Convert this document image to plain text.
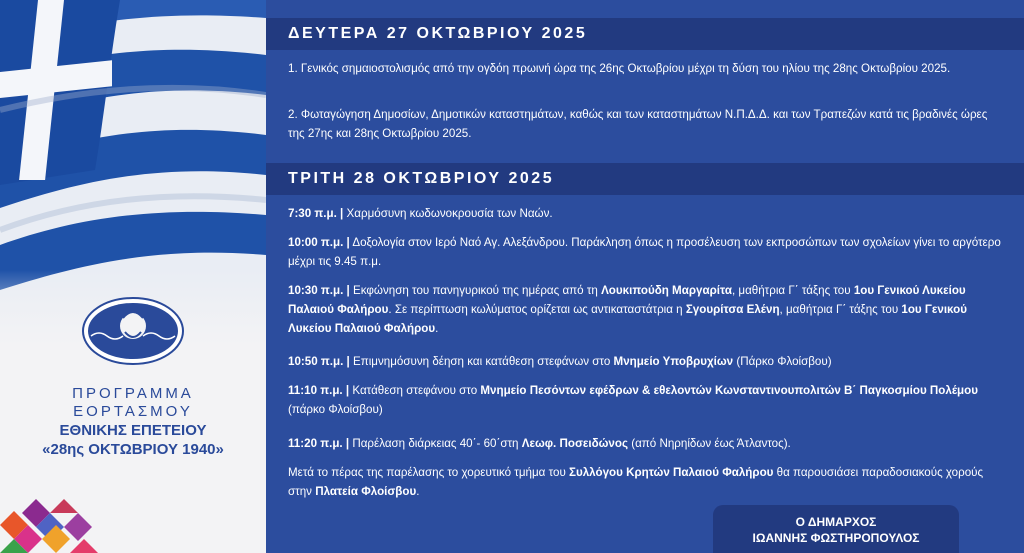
ΠΡΟΓΡΑΜΜΑ
ΕΟΡΤΑΣΜΟΥ
ΕΘΝΙΚΗΣ ΕΠΕΤΕΙΟΥ
«28ης ΟΚΤΩΒΡΙΟΥ 1940»
ΔΕΥΤΕΡΑ 27 ΟΚΤΩΒΡΙΟΥ 2025
1. Γενικός σημαιοστολισμός από την ογδόη πρωινή ώρα της 26ης Οκτωβρίου μέχρι τη δύση του ηλίου της 28ης Οκτωβρίου 2025.
2. Φωταγώγηση Δημοσίων, Δημοτικών καταστημάτων, καθώς και των καταστημάτων Ν.Π.Δ.Δ. και των Τραπεζών κατά τις βραδινές ώρες της 27ης και 28ης Οκτωβρίου 2025.
ΤΡΙΤΗ 28 ΟΚΤΩΒΡΙΟΥ 2025
7:30 π.μ. | Χαρμόσυνη κωδωνοκρουσία των Ναών.
10:00 π.μ. | Δοξολογία στον Ιερό Ναό Αγ. Αλεξάνδρου. Παράκληση όπως η προσέλευση των εκπροσώπων των σχολείων γίνει το αργότερο μέχρι τις 9.45 π.μ.
10:30 π.μ. | Εκφώνηση του πανηγυρικού της ημέρας από τη Λουκιπούδη Μαργαρίτα, μαθήτρια Γ΄ τάξης του 1ου Γενικού Λυκείου Παλαιού Φαλήρου. Σε περίπτωση κωλύματος ορίζεται ως αντικαταστάτρια η Σγουρίτσα Ελένη, μαθήτρια Γ΄ τάξης του 1ου Γενικού Λυκείου Παλαιού Φαλήρου.
10:50 π.μ. | Επιμνημόσυνη δέηση και κατάθεση στεφάνων στο Μνημείο Υποβρυχίων (Πάρκο Φλοίσβου)
11:10 π.μ. | Κατάθεση στεφάνου στο Μνημείο Πεσόντων εφέδρων & εθελοντών Κωνσταντινουπολιτών Β΄ Παγκοσμίου Πολέμου (πάρκο Φλοίσβου)
11:20 π.μ. | Παρέλαση διάρκειας 40΄- 60΄στη Λεωφ. Ποσειδώνος (από Νηρηίδων έως Άτλαντος).
Μετά το πέρας της παρέλασης το χορευτικό τμήμα του Συλλόγου Κρητών Παλαιού Φαλήρου θα παρουσιάσει παραδοσιακούς χορούς στην Πλατεία Φλοίσβου.
Ο ΔΗΜΑΡΧΟΣ
ΙΩΑΝΝΗΣ ΦΩΣΤΗΡΟΠΟΥΛΟΣ
